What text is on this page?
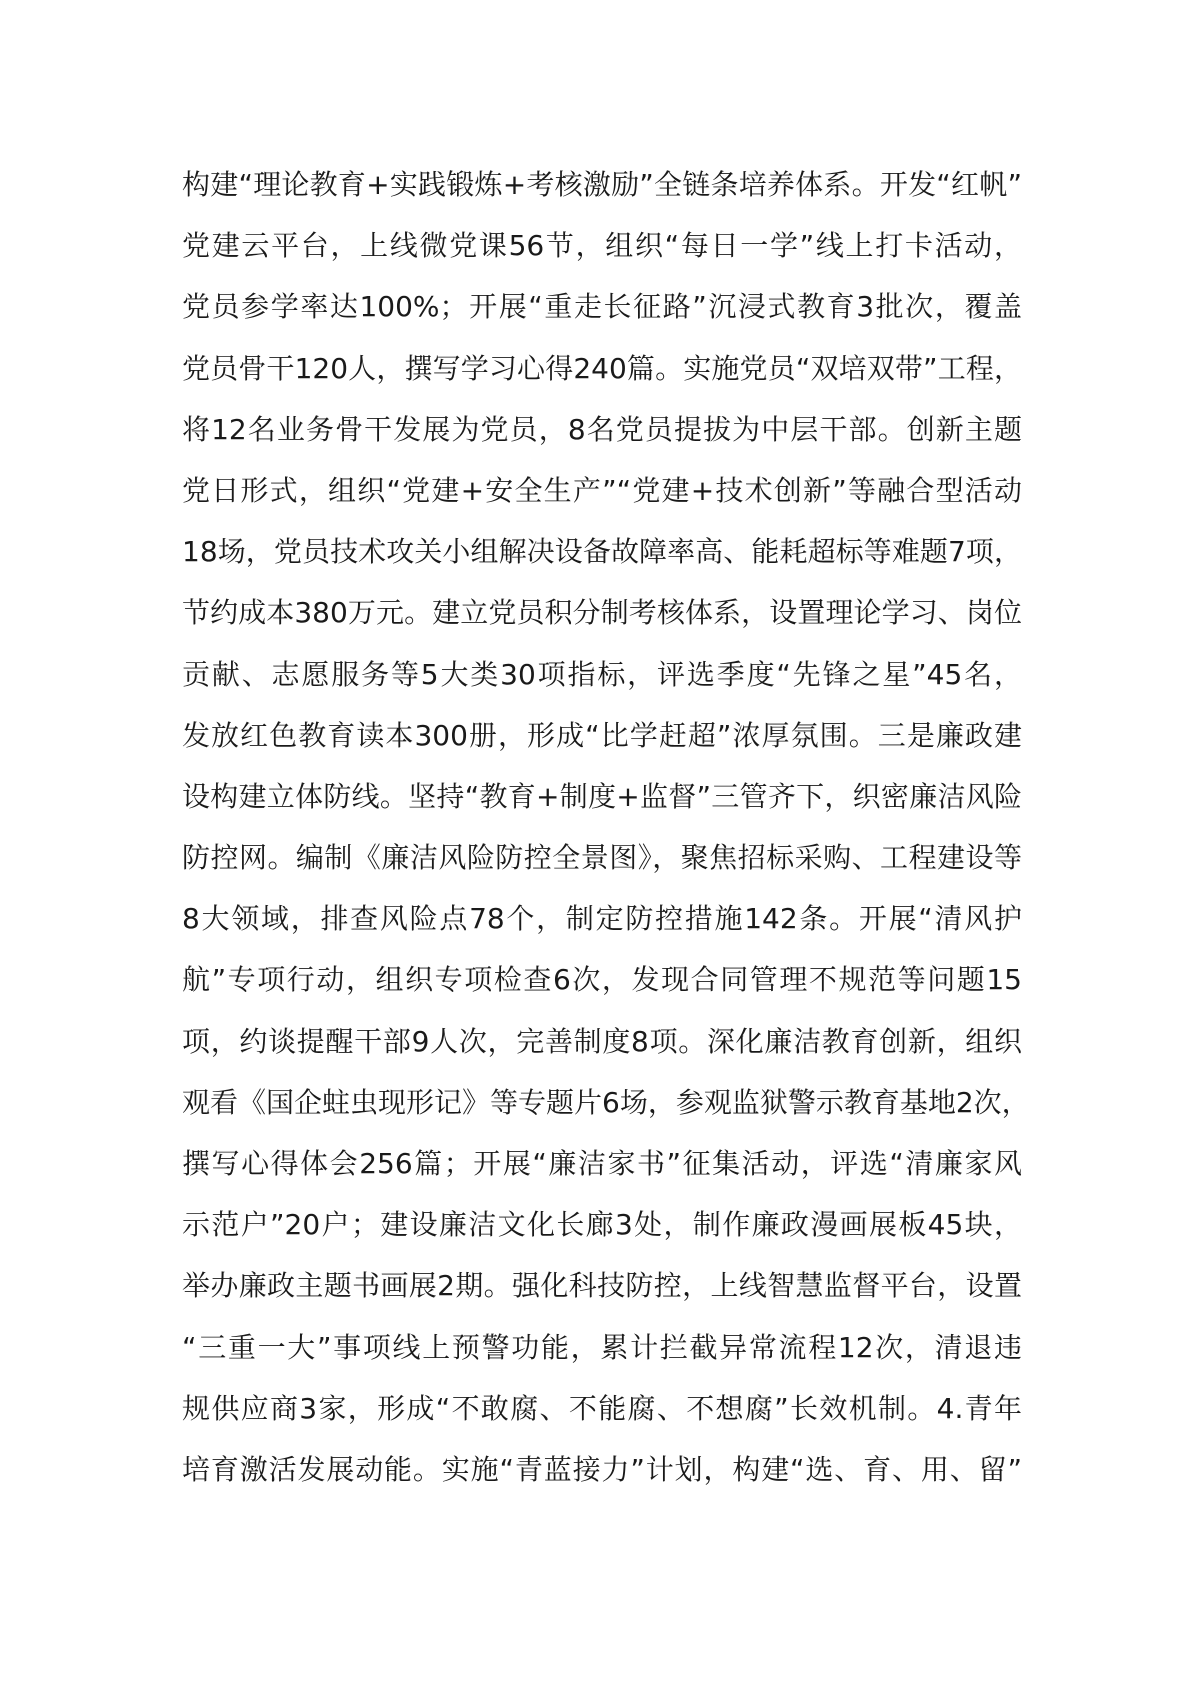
构建“理论教育+实践锻炼+考核激励”全链条培养体系。开发“红帆”
党建云平台，上线微党课56节，组织“每日一学”线上打卡活动，
党员参学率达100%；开展“重走长征路”沉浸式教育3批次，覆盖
党员骨干120人，撰写学习心得240篇。实施党员“双培双带”工程，
将12名业务骨干发展为党员，8名党员提拔为中层干部。创新主题
党日形式，组织“党建+安全生产”“党建+技术创新”等融合型活动
18场，党员技术攻关小组解决设备故障率高、能耗超标等难题7项，
节约成本380万元。建立党员积分制考核体系，设置理论学习、岗位
贡献、志愿服务等5大类30项指标，评选季度“先锋之星”45名，
发放红色教育读本300册，形成“比学赶超”浓厚氛围。三是廉政建
设构建立体防线。坚持“教育+制度+监督”三管齐下，织密廉洁风险
防控网。编制《廉洁风险防控全景图》，聚焦招标采购、工程建设等
8大领域，排查风险点78个，制定防控措施142条。开展“清风护
航”专项行动，组织专项检查6次，发现合同管理不规范等问题15
项，约谈提醒干部9人次，完善制度8项。深化廉洁教育创新，组织
观看《国企蛀虫现形记》等专题片6场，参观监狱警示教育基地2次，
撰写心得体会256篇；开展“廉洁家书”征集活动，评选“清廉家风
示范户”20户；建设廉洁文化长廊3处，制作廉政漫画展板45块，
举办廉政主题书画展2期。强化科技防控，上线智慧监督平台，设置
“三重一大”事项线上预警功能，累计拦截异常流程12次，清退违
规供应商3家，形成“不敢腐、不能腐、不想腐”长效机制。4.青年
培育激活发展动能。实施“青蓝接力”计划，构建“选、育、用、留”
